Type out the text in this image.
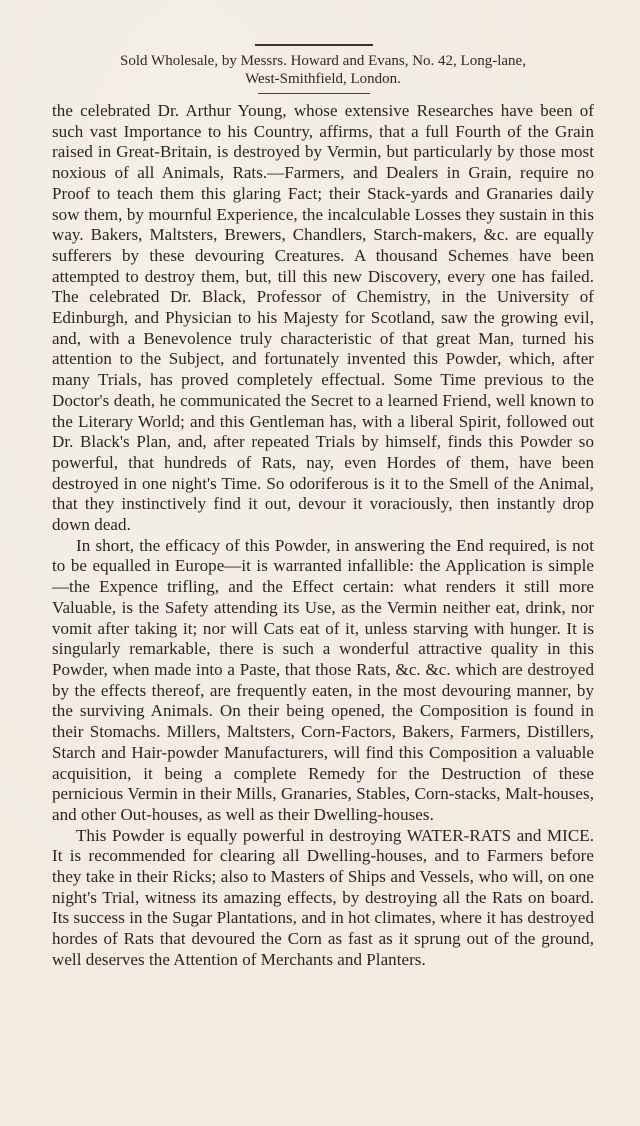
Sold Wholesale, by Messrs. Howard and Evans, No. 42, Long-lane,
West-Smithfield, London.

the celebrated Dr. Arthur Young, whose extensive Researches have been of such vast Importance to his Country, affirms, that a full Fourth of the Grain raised in Great-Britain, is destroyed by Vermin, but particularly by those most noxious of all Animals, Rats.—Farmers, and Dealers in Grain, require no Proof to teach them this glaring Fact; their Stack-yards and Granaries daily sow them, by mournful Experience, the incalculable Losses they sustain in this way. Bakers, Maltsters, Brewers, Chandlers, Starch-makers, &c. are equally sufferers by these devouring Creatures. A thousand Schemes have been attempted to destroy them, but, till this new Discovery, every one has failed. The celebrated Dr. Black, Professor of Chemistry, in the University of Edinburgh, and Physician to his Majesty for Scotland, saw the growing evil, and, with a Benevolence truly characteristic of that great Man, turned his attention to the Subject, and fortunately invented this Powder, which, after many Trials, has proved completely effectual. Some Time previous to the Doctor's death, he communicated the Secret to a learned Friend, well known to the Literary World; and this Gentleman has, with a liberal Spirit, followed out Dr. Black's Plan, and, after repeated Trials by himself, finds this Powder so powerful, that hundreds of Rats, nay, even Hordes of them, have been destroyed in one night's Time. So odoriferous is it to the Smell of the Animal, that they instinctively find it out, devour it voraciously, then instantly drop down dead.

In short, the efficacy of this Powder, in answering the End required, is not to be equalled in Europe—it is warranted infallible: the Application is simple—the Expence trifling, and the Effect certain: what renders it still more Valuable, is the Safety attending its Use, as the Vermin neither eat, drink, nor vomit after taking it; nor will Cats eat of it, unless starving with hunger. It is singularly remarkable, there is such a wonderful attractive quality in this Powder, when made into a Paste, that those Rats, &c. &c. which are destroyed by the effects thereof, are frequently eaten, in the most devouring manner, by the surviving Animals. On their being opened, the Composition is found in their Stomachs. Millers, Maltsters, Corn-Factors, Bakers, Farmers, Distillers, Starch and Hair-powder Manufacturers, will find this Composition a valuable acquisition, it being a complete Remedy for the Destruction of these pernicious Vermin in their Mills, Granaries, Stables, Corn-stacks, Malt-houses, and other Out-houses, as well as their Dwelling-houses.

This Powder is equally powerful in destroying WATER-RATS and MICE. It is recommended for clearing all Dwelling-houses, and to Farmers before they take in their Ricks; also to Masters of Ships and Vessels, who will, on one night's Trial, witness its amazing effects, by destroying all the Rats on board. Its success in the Sugar Plantations, and in hot climates, where it has destroyed hordes of Rats that devoured the Corn as fast as it sprung out of the ground, well deserves the Attention of Merchants and Planters.
